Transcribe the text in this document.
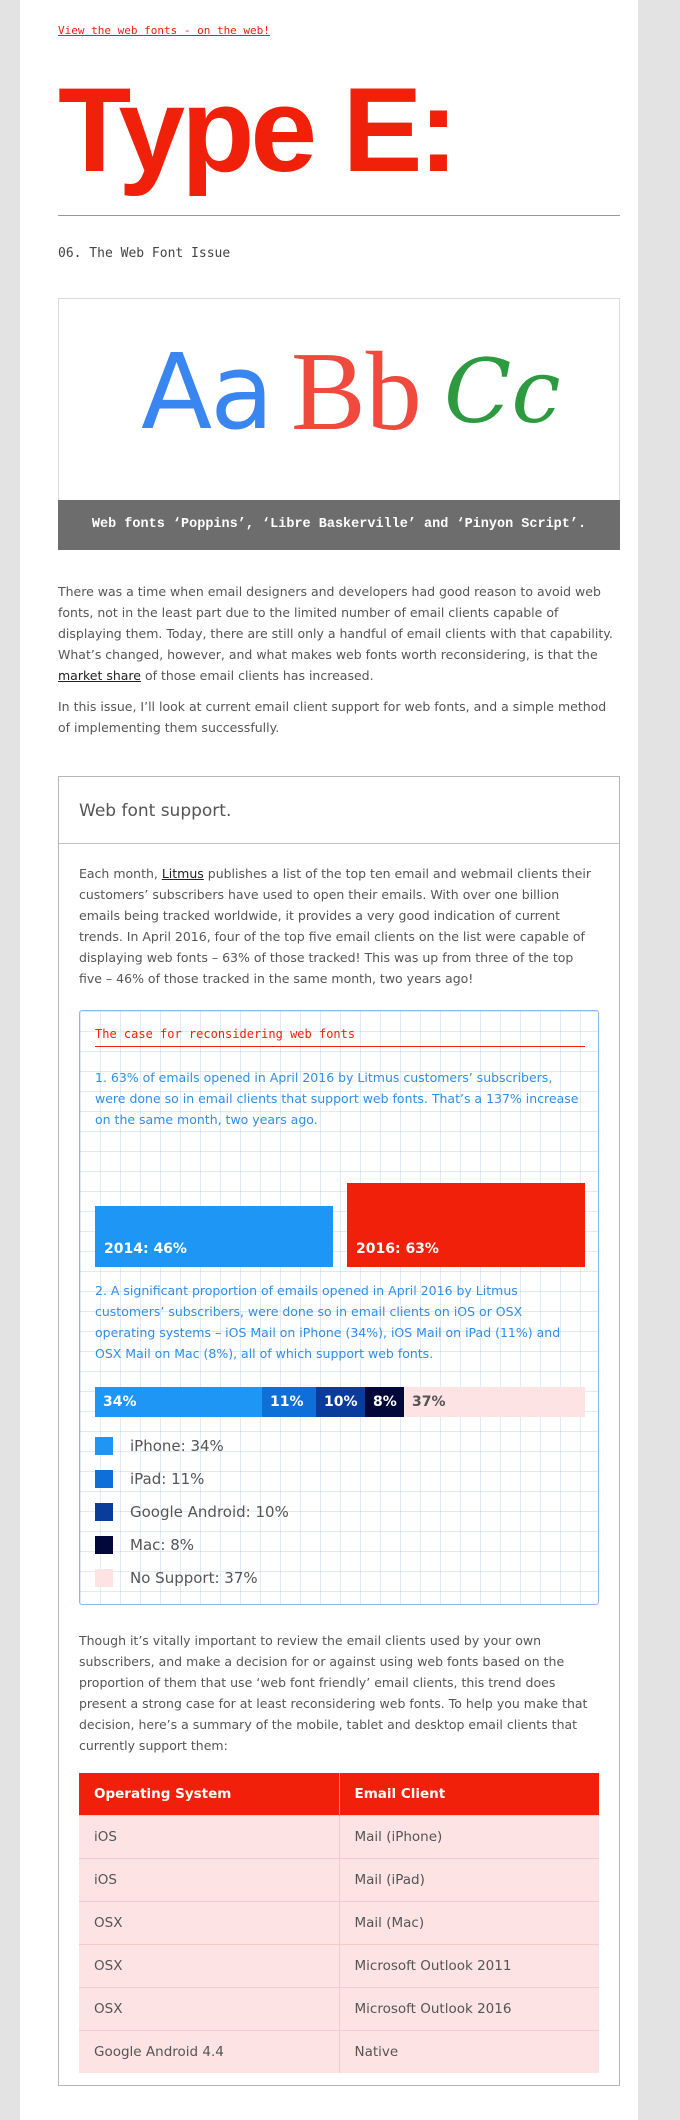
View the web fonts - on the web!
Type E:
06. The Web Font Issue
Aa Bb Cc
Web fonts ‘Poppins’, ‘Libre Baskerville’ and ‘Pinyon Script’.

There was a time when email designers and developers had good reason to avoid web fonts, not in the least part due to the limited number of email clients capable of displaying them. Today, there are still only a handful of email clients with that capability. What’s changed, however, and what makes web fonts worth reconsidering, is that the market share of those email clients has increased.

In this issue, I’ll look at current email client support for web fonts, and a simple method of implementing them successfully.

Web font support.

Each month, Litmus publishes a list of the top ten email and webmail clients their customers’ subscribers have used to open their emails. With over one billion emails being tracked worldwide, it provides a very good indication of current trends. In April 2016, four of the top five email clients on the list were capable of displaying web fonts – 63% of those tracked! This was up from three of the top five – 46% of those tracked in the same month, two years ago!

The case for reconsidering web fonts

1. 63% of emails opened in April 2016 by Litmus customers’ subscribers, were done so in email clients that support web fonts. That’s a 137% increase on the same month, two years ago.

2014: 46%	2016: 63%

2. A significant proportion of emails opened in April 2016 by Litmus customers’ subscribers, were done so in email clients on iOS or OSX operating systems – iOS Mail on iPhone (34%), iOS Mail on iPad (11%) and OSX Mail on Mac (8%), all of which support web fonts.

34%	11%	10%	8%	37%
iPhone: 34%
iPad: 11%
Google Android: 10%
Mac: 8%
No Support: 37%

Though it’s vitally important to review the email clients used by your own subscribers, and make a decision for or against using web fonts based on the proportion of them that use ‘web font friendly’ email clients, this trend does present a strong case for at least reconsidering web fonts. To help you make that decision, here’s a summary of the mobile, tablet and desktop email clients that currently support them:

Operating System	Email Client
iOS	Mail (iPhone)
iOS	Mail (iPad)
OSX	Mail (Mac)
OSX	Microsoft Outlook 2011
OSX	Microsoft Outlook 2016
Google Android 4.4	Native
